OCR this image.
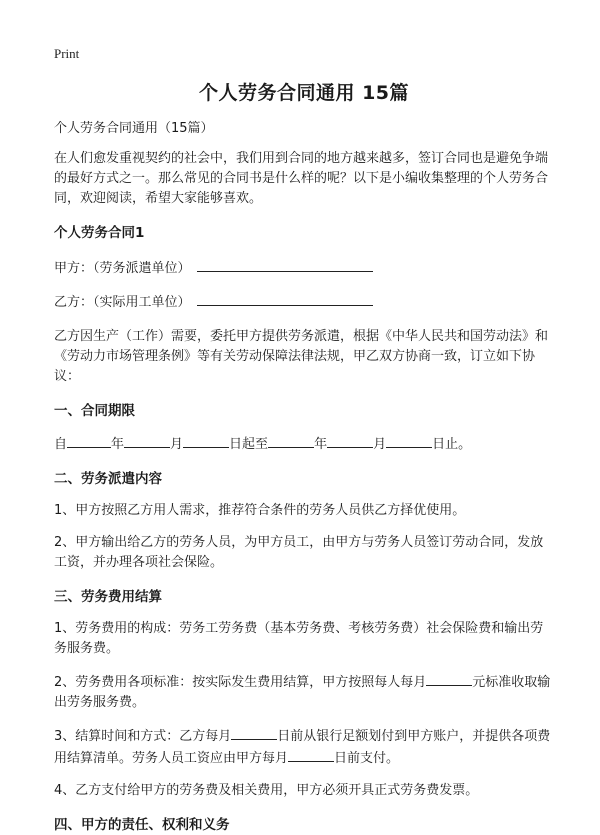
Print
个人劳务合同通用 15篇

个人劳务合同通用（15篇）

在人们愈发重视契约的社会中，我们用到合同的地方越来越多，签订合同也是避免争端的最好方式之一。那么常见的合同书是什么样的呢？以下是小编收集整理的个人劳务合同，欢迎阅读，希望大家能够喜欢。

个人劳务合同1

甲方：（劳务派遣单位）

乙方：（实际用工单位）

乙方因生产（工作）需要，委托甲方提供劳务派遣，根据《中华人民共和国劳动法》和《劳动力市场管理条例》等有关劳动保障法律法规，甲乙双方协商一致，订立如下协议：

一、合同期限

自	年	月	日起至	年	月	日止。

二、劳务派遣内容

1、甲方按照乙方用人需求，推荐符合条件的劳务人员供乙方择优使用。

2、甲方输出给乙方的劳务人员，为甲方员工，由甲方与劳务人员签订劳动合同，发放工资，并办理各项社会保险。

三、劳务费用结算

1、劳务费用的构成：劳务工劳务费（基本劳务费、考核劳务费）社会保险费和输出劳务服务费。

2、劳务费用各项标准：按实际发生费用结算，甲方按照每人每月	元标准收取输出劳务服务费。

3、结算时间和方式：乙方每月	日前从银行足额划付到甲方账户，并提供各项费用结算清单。劳务人员工资应由甲方每月	日前支付。

4、乙方支付给甲方的劳务费及相关费用，甲方必须开具正式劳务费发票。

四、甲方的责任、权利和义务
